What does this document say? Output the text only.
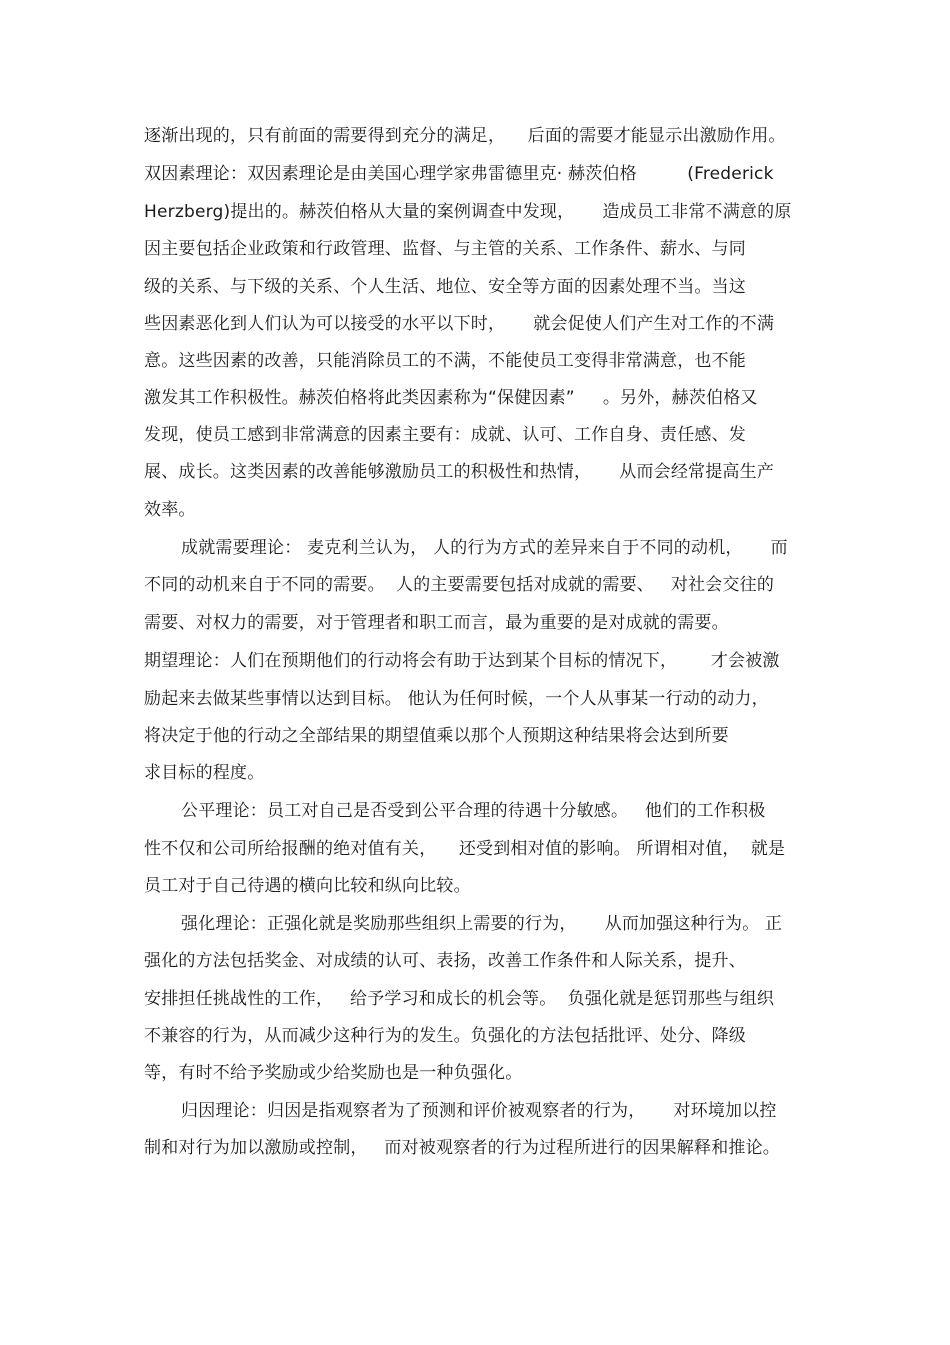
逐渐出现的，只有前面的需要得到充分的满足，    后面的需要才能显示出激励作用。

双因素理论：双因素理论是由美国心理学家弗雷德里克· 赫茨伯格         (Frederick

Herzberg)提出的。赫茨伯格从大量的案例调查中发现，     造成员工非常不满意的原

因主要包括企业政策和行政管理、监督、与主管的关系、工作条件、薪水、与同

级的关系、与下级的关系、个人生活、地位、安全等方面的因素处理不当。当这

些因素恶化到人们认为可以接受的水平以下时，     就会促使人们产生对工作的不满

意。这些因素的改善，只能消除员工的不满，不能使员工变得非常满意，也不能

激发其工作积极性。赫茨伯格将此类因素称为“保健因素”     。另外，赫茨伯格又

发现，使员工感到非常满意的因素主要有：成就、认可、工作自身、责任感、发

展、成长。这类因素的改善能够激励员工的积极性和热情，     从而会经常提高生产

效率。

成就需要理论： 麦克利兰认为， 人的行为方式的差异来自于不同的动机，     而

不同的动机来自于不同的需要。  人的主要需要包括对成就的需要、   对社会交往的

需要、对权力的需要，对于管理者和职工而言，最为重要的是对成就的需要。

期望理论：人们在预期他们的行动将会有助于达到某个目标的情况下，      才会被激

励起来去做某些事情以达到目标。 他认为任何时候，一个人从事某一行动的动力，

将决定于他的行动之全部结果的期望值乘以那个人预期这种结果将会达到所要

求目标的程度。

公平理论：员工对自己是否受到公平合理的待遇十分敏感。   他们的工作积极

性不仅和公司所给报酬的绝对值有关，    还受到相对值的影响。 所谓相对值，  就是

员工对于自己待遇的横向比较和纵向比较。

强化理论：正强化就是奖励那些组织上需要的行为，     从而加强这种行为。 正

强化的方法包括奖金、对成绩的认可、表扬，改善工作条件和人际关系，提升、

安排担任挑战性的工作，   给予学习和成长的机会等。  负强化就是惩罚那些与组织

不兼容的行为，从而减少这种行为的发生。负强化的方法包括批评、处分、降级

等，有时不给予奖励或少给奖励也是一种负强化。

归因理论：归因是指观察者为了预测和评价被观察者的行为，     对环境加以控

制和对行为加以激励或控制，   而对被观察者的行为过程所进行的因果解释和推论。
